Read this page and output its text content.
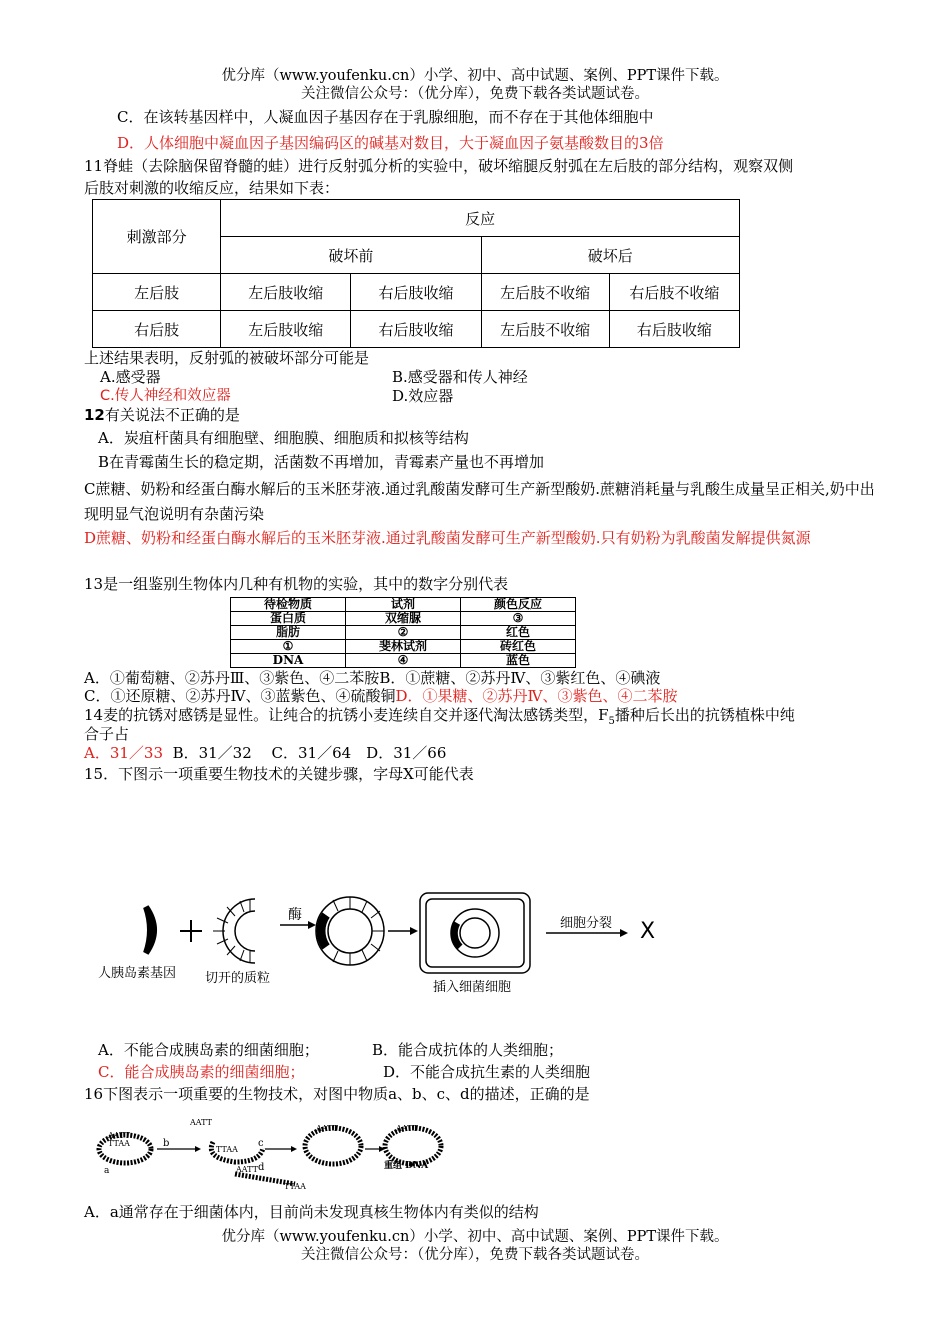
优分库（www.youfenku.cn）小学、初中、高中试题、案例、PPT课件下载。
关注微信公众号：（优分库），免费下载各类试题试卷。
C．在该转基因样中，人凝血因子基因存在于乳腺细胞，而不存在于其他体细胞中
D．人体细胞中凝血因子基因编码区的碱基对数目，大于凝血因子氨基酸数目的3倍
11脊蛙（去除脑保留脊髓的蛙）进行反射弧分析的实验中，破坏缩腿反射弧在左后肢的部分结构，观察双侧
后肢对刺激的收缩反应，结果如下表：
刺激部分	反应			
	破坏前		破坏后	
左后肢	左后肢收缩	右后肢收缩	左后肢不收缩	右后肢不收缩
右后肢	左后肢收缩	右后肢收缩	左后肢不收缩	右后肢收缩
上述结果表明，反射弧的被破坏部分可能是
A.感受器	B.感受器和传人神经
C.传人神经和效应器	D.效应器
12有关说法不正确的是
A．炭疽杆菌具有细胞壁、细胞膜、细胞质和拟核等结构
B在青霉菌生长的稳定期，活菌数不再增加，青霉素产量也不再增加
C蔗糖、奶粉和经蛋白酶水解后的玉米胚芽液.通过乳酸菌发酵可生产新型酸奶.蔗糖消耗量与乳酸生成量呈正相关,奶中出现明显气泡说明有杂菌污染
D蔗糖、奶粉和经蛋白酶水解后的玉米胚芽液.通过乳酸菌发酵可生产新型酸奶.只有奶粉为乳酸菌发解提供氮源
13是一组鉴别生物体内几种有机物的实验，其中的数字分别代表
待检物质	试剂	颜色反应
蛋白质	双缩脲	③
脂肪	②	红色
①	斐林试剂	砖红色
DNA	④	蓝色
A．①葡萄糖、②苏丹Ⅲ、③紫色、④二苯胺B．①蔗糖、②苏丹Ⅳ、③紫红色、④碘液
C．①还原糖、②苏丹Ⅳ、③蓝紫色、④硫酸铜D．①果糖、②苏丹Ⅳ、③紫色、④二苯胺
14麦的抗锈对感锈是显性。让纯合的抗锈小麦连续自交并逐代淘汰感锈类型，$F_5$播种后长出的抗锈植株中纯
合子占
A．31／33 B．31／32　 C．31／64　D．31／66
15．下图示一项重要生物技术的关键步骤，字母X可能代表
人胰岛素基因 切开的质粒
酶
插入细菌细胞
细胞分裂 X
A．不能合成胰岛素的细菌细胞；	B．能合成抗体的人类细胞；
C．能合成胰岛素的细菌细胞；	D．不能合成抗生素的人类细胞
16下图表示一项重要的生物技术，对图中物质a、b、c、d的描述，正确的是
AATT
TTAA
a
b
AATT
TTAA
c
AATT d
TTAA
AATT	AATT
重组 DNA
A．a通常存在于细菌体内，目前尚未发现真核生物体内有类似的结构
优分库（www.youfenku.cn）小学、初中、高中试题、案例、PPT课件下载。
关注微信公众号：（优分库），免费下载各类试题试卷。
